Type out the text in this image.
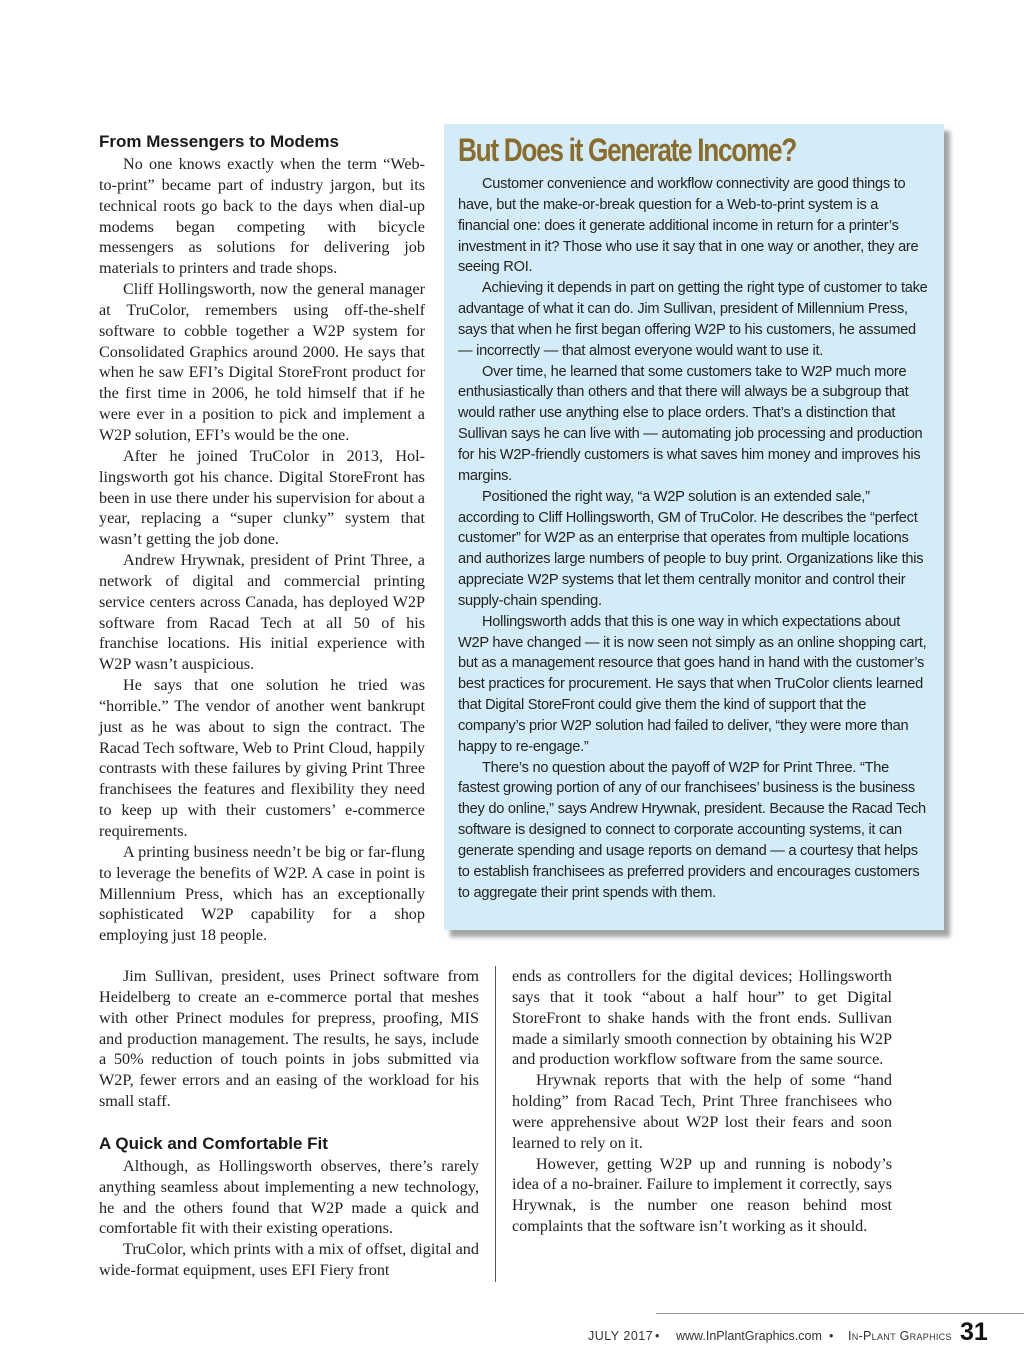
From Messengers to Modems

No one knows exactly when the term “Web-to-print” became part of industry jargon, but its technical roots go back to the days when dial-up modems began competing with bicycle messengers as solutions for delivering job materials to printers and trade shops.

Cliff Hollingsworth, now the general manager at TruColor, remembers using off-the-shelf software to cobble together a W2P system for Consolidated Graphics around 2000. He says that when he saw EFI’s Digital StoreFront product for the first time in 2006, he told himself that if he were ever in a position to pick and implement a W2P solution, EFI’s would be the one.

After he joined TruColor in 2013, Hollingsworth got his chance. Digital StoreFront has been in use there under his supervision for about a year, replacing a “super clunky” system that wasn’t getting the job done.

Andrew Hrywnak, president of Print Three, a network of digital and commercial printing service centers across Canada, has deployed W2P software from Racad Tech at all 50 of his franchise locations. His initial experience with W2P wasn’t auspicious.

He says that one solution he tried was “horrible.” The vendor of another went bankrupt just as he was about to sign the contract. The Racad Tech software, Web to Print Cloud, happily contrasts with these failures by giving Print Three franchisees the features and flexibility they need to keep up with their customers’ e-commerce requirements.

A printing business needn’t be big or far-flung to leverage the benefits of W2P. A case in point is Millennium Press, which has an exceptionally sophisticated W2P capability for a shop employing just 18 people.

But Does it Generate Income?

Customer convenience and workflow connectivity are good things to have, but the make-or-break question for a Web-to-print system is a financial one: does it generate additional income in return for a printer’s investment in it? Those who use it say that in one way or another, they are seeing ROI.

Achieving it depends in part on getting the right type of customer to take advantage of what it can do. Jim Sullivan, president of Millennium Press, says that when he first began offering W2P to his customers, he assumed — incorrectly — that almost everyone would want to use it.

Over time, he learned that some customers take to W2P much more enthusiastically than others and that there will always be a subgroup that would rather use anything else to place orders. That’s a distinction that Sullivan says he can live with — automating job processing and production for his W2P-friendly customers is what saves him money and improves his margins.

Positioned the right way, “a W2P solution is an extended sale,” according to Cliff Hollingsworth, GM of TruColor. He describes the “perfect customer” for W2P as an enterprise that operates from multiple locations and authorizes large numbers of people to buy print. Organizations like this appreciate W2P systems that let them centrally monitor and control their supply-chain spending.

Hollingsworth adds that this is one way in which expectations about W2P have changed — it is now seen not simply as an online shopping cart, but as a management resource that goes hand in hand with the customer’s best practices for procurement. He says that when TruColor clients learned that Digital StoreFront could give them the kind of support that the company’s prior W2P solution had failed to deliver, “they were more than happy to re-engage.”

There’s no question about the payoff of W2P for Print Three. “The fastest growing portion of any of our franchisees’ business is the business they do online,” says Andrew Hrywnak, president. Because the Racad Tech software is designed to connect to corporate accounting systems, it can generate spending and usage reports on demand — a courtesy that helps to establish franchisees as preferred providers and encourages customers to aggregate their print spends with them.

Jim Sullivan, president, uses Prinect software from Heidelberg to create an e-commerce portal that meshes with other Prinect modules for prepress, proofing, MIS and production management. The results, he says, include a 50% reduction of touch points in jobs submitted via W2P, fewer errors and an easing of the workload for his small staff.

A Quick and Comfortable Fit

Although, as Hollingsworth observes, there’s rarely anything seamless about implementing a new technology, he and the others found that W2P made a quick and comfortable fit with their existing operations.

TruColor, which prints with a mix of offset, digital and wide-format equipment, uses EFI Fiery front

ends as controllers for the digital devices; Hollingsworth says that it took “about a half hour” to get Digital StoreFront to shake hands with the front ends. Sullivan made a similarly smooth connection by obtaining his W2P and production workflow software from the same source.

Hrywnak reports that with the help of some “hand holding” from Racad Tech, Print Three franchisees who were apprehensive about W2P lost their fears and soon learned to rely on it.

However, getting W2P up and running is nobody’s idea of a no-brainer. Failure to implement it correctly, says Hrywnak, is the number one reason behind most complaints that the software isn’t working as it should.

JULY 2017 • www.InPlantGraphics.com • In-Plant Graphics 31
